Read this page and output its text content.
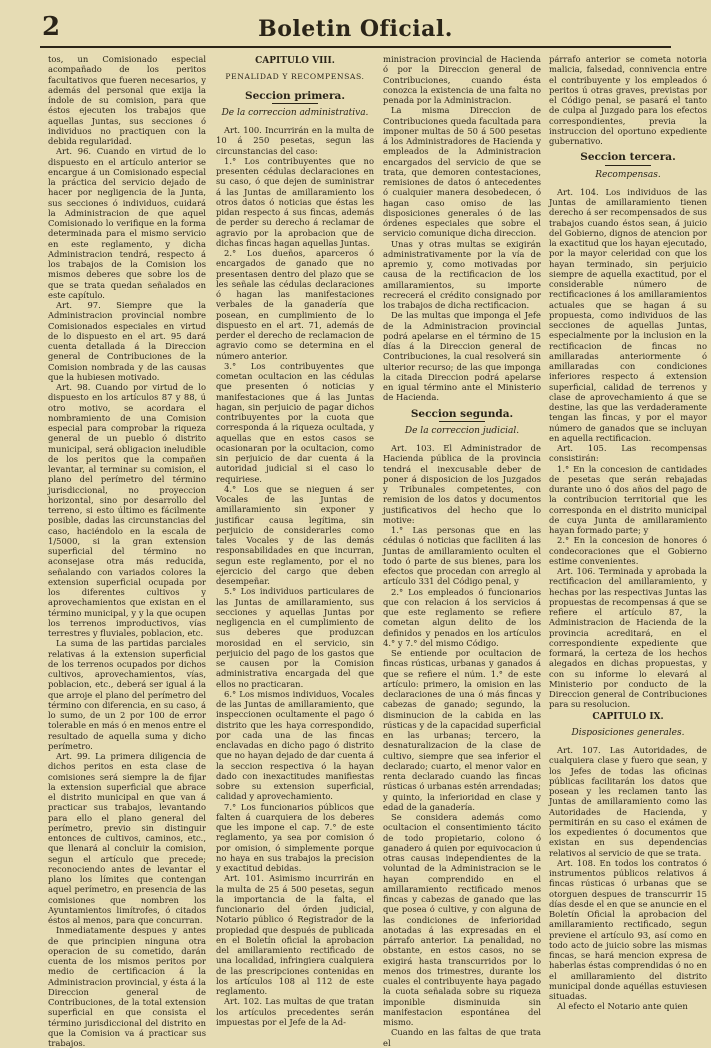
2	Boletin Oficial.

tos, un Comisionado especial acompañado de los peritos facultativos que fueren necesarios, y además del personal que exija la índole de su comision, para que éstos ejecuten los trabajos que aquellas Juntas, sus secciones ó individuos no practiquen con la debida regularidad.

Art. 96. Cuando en virtud de lo dispuesto en el artículo anterior se encargue á un Comisionado especial la práctica del servicio dejado de hacer por negligencia de la Junta, sus secciones ó individuos, cuidará la Administracion de que aquel Comisionado lo verifique en la forma determinada para el mismo servicio en este reglamento, y dicha Administracion tendrá, respecto á los trabajos de la Comision los mismos deberes que sobre los de que se trata quedan señalados en este capítulo.

Art. 97. Siempre que la Administracion provincial nombre Comisionados especiales en virtud de lo dispuesto en el art. 95 dará cuenta detallada á la Direccion general de Contribuciones de la Comision nombrada y de las causas que la hubiesen motivado.

Art. 98. Cuando por virtud de lo dispuesto en los artículos 87 y 88, ú otro motivo, se acordara el nombramiento de una Comision especial para comprobar la riqueza general de un pueblo ó distrito municipal, será obligacion ineludible de los peritos que la compañen levantar, al terminar su comision, el plano del perímetro del término jurisdiccional, no proyeccion horizontal, sino por desarrollo del terreno, si esto último es fácilmente posible, dadas las circunstancias del caso, haciéndolo en la escala de 1/5000, si la gran extension superficial del término no aconsejase otra más reducida, señalando con variados colores la extension superficial ocupada por los diferentes cultivos y aprovechamientos que existan en el término municipal, y y la que ocupen los terrenos improductivos, vías terrestres y fluviales, poblacion, etc.

La suma de las partidas parciales relativas á la extension superficial de los terrenos ocupados por dichos cultivos, aprovechamientos, vías, poblacion, etc., deberá ser igual á la que arroje el plano del perímetro del término con diferencia, en su caso, á lo sumo, de un 2 por 100 de error tolerable en más ó en menos entre el resultado de aquella suma y dicho perímetro.

Art. 99. La primera diligencia de dichos peritos en esta clase de comisiones será siempre la de fijar la extension superficial que abrace el distrito municipal en que van á practicar sus trabajos, levantando para ello el plano general del perímetro, previo sin distinguir entonces de cultivos, caminos, etc., que llenará al concluir la comision, segun el artículo que precede; reconociendo antes de levantar el plano los límites que contengan aquel perímetro, en presencia de las comisiones que nombren los Ayuntamientos limítrofes, ó citados éstos al menos, para que concurran.

Inmediatamente despues y antes de que principien ninguna otra operacion de su cometido, darán cuenta de los mismos peritos por medio de certificacion á la Administracion provincial, y ésta á la Direccion general de Contribuciones, de la total extension superficial en que consista el término jurisdiccional del distrito en que la Comision va á practicar sus trabajos.

CAPITULO VIII.
PENALIDAD Y RECOMPENSAS.
Seccion primera.
De la correccion administrativa.

Art. 100. Incurrirán en la multa de 10 á 250 pesetas, segun las circunstancias del caso:

1.° Los contribuyentes que no presenten cédulas declaraciones en su caso, ó que dejen de suministrar á las Juntas de amillaramiento los otros datos ó noticias que éstas les pidan respecto á sus fincas, además de perder su derecho á reclamar de agravio por la aprobacion que de dichas fincas hagan aquellas Juntas.

2.° Los dueños, aparceros ó encargados de ganado que no presentasen dentro del plazo que se les señale las cédulas declaraciones ó hagan las manifestaciones verbales de la ganadería que posean, en cumplimiento de lo dispuesto en el art. 71, además de perder el derecho de reclamacion de agravio como se determina en el número anterior.

3.° Los contribuyentes que cometan ocultacion en las cédulas que presenten ó noticias y manifestaciones que á las Juntas hagan, sin perjuicio de pagar dichos contribuyentes por la cuota que corresponda á la riqueza ocultada, y aquellas que en estos casos se ocasionaran por la ocultacion, como sin perjuicio de dar cuenta á la autoridad judicial si el caso lo requiriese.

4.° Los que se nieguen á ser Vocales de las Juntas de amillaramiento sin exponer y justificar causa legítima, sin perjuicio de considerarles como tales Vocales y de las demás responsabilidades en que incurran, segun este reglamento, por el no ejercicio del cargo que deben desempeñar.

5.° Los individuos particulares de las Juntas de amillaramiento, sus secciones y aquellas Juntas por negligencia en el cumplimiento de sus deberes que produzcan morosidad en el servicio, sin perjuicio del pago de los gastos que se causen por la Comision administrativa encargada del que ellos no practicaran.

6.° Los mismos individuos, Vocales de las Juntas de amillaramiento, que inspeccionen ocultamente el pago ó distrito que les haya correspondido, por cada una de las fincas enclavadas en dicho pago ó distrito que no hayan dejado de dar cuenta á la seccion respectiva ó la hayan dado con inexactitudes manifiestas sobre su extension superficial, calidad y aprovechamiento.

7.° Los funcionarios públicos que falten á cuarquiera de los deberes que les impone el cap. 7.° de este reglamento, ya sea por comision ó por omision, ó simplemente porque no haya en sus trabajos la precision y exactitud debidas.

Art. 101. Asimismo incurrirán en la multa de 25 á 500 pesetas, segun la importancia de la falta, el funcionario del órden judicial, Notario público ó Registrador de la propiedad que después de publicada en el Boletín oficial la aprobacion del amillaramiento rectificado de una localidad, infringiera cualquiera de las prescripciones contenidas en los artículos 108 al 112 de este reglamento.

Art. 102. Las multas de que tratan los artículos precedentes serán impuestas por el Jefe de la Ad-

ministracion provincial de Hacienda ó por la Direccion general de Contribuciones, cuando ésta conozca la existencia de una falta no penada por la Administracion.

La misma Direccion de Contribuciones queda facultada para imponer multas de 50 á 500 pesetas á los Administradores de Hacienda y empleados de la Administracion encargados del servicio de que se trata, que demoren contestaciones, remisiones de datos ó antecedentes ó cualquier manera desobedecen, ó hagan caso omiso de las disposiciones generales ó de las órdenes especiales que sobre el servicio comunique dicha direccion.

Unas y otras multas se exigirán administrativamente por la vía de apremio y, como motivadas por causa de la rectificacion de los amillaramientos, su importe recrecerá el crédito consignado por los trabajos de dicha rectificacion.

De las multas que imponga el Jefe de la Administracion provincial podrá apelarse en el término de 15 días á la Direccion general de Contribuciones, la cual resolverá sin ulterior recurso; de las que imponga la citada Direccion podrá apelarse en igual término ante el Ministerio de Hacienda.

Seccion segunda.
De la correccion judicial.

Art. 103. El Administrador de Hacienda pública de la provincia tendrá el inexcusable deber de poner á disposicion de los Juzgados y Tribunales competentes, con remision de los datos y documentos justificativos del hecho que lo motive:

1.° Las personas que en las cédulas ó noticias que faciliten á las Juntas de amillaramiento oculten el todo ó parte de sus bienes, para los efectos que procedan con arreglo al artículo 331 del Código penal, y

2.° Los empleados ó funcionarios que con relacion á los servicios á que este reglamento se refiere cometan algun delito de los definidos y penados en los artículos 4.° y 7.° del mismo Código.

Se entiende por ocultacion de fincas rústicas, urbanas y ganados á que se refiere el núm. 1.° de este artículo: primero, la omision en las declaraciones de una ó más fincas y cabezas de ganado; segundo, la disminucion de la cabida en las rústicas y de la capacidad superficial en las urbanas; tercero, la desnaturalizacion de la clase de cultivo, siempre que sea inferior el declarado; cuarto, el menor valor en renta declarado cuando las fincas rústicas ó urbanas estén arrendadas; y quinto, la inferioridad en clase y edad de la ganadería.

Se considera además como ocultacion el consentimiento tácito de todo propietario, colono ó ganadero á quien por equivocacion ú otras causas independientes de la voluntad de la Administracion se le hayan comprendido en el amillaramiento rectificado menos fincas y cabezas de ganado que las que posea ó cultive, y con alguna de las condiciones de inferioridad anotadas á las expresadas en el párrafo anterior. La penalidad, no obstante, en estos casos, no se exigirá hasta transcurridos por lo menos dos trimestres, durante los cuales el contribuyente haya pagado la cuota señalada sobre su riqueza imponible disminuida sin manifestacion espontánea del mismo.

Cuando en las faltas de que trata el

párrafo anterior se cometa notoria malicia, falsedad, connivencia entre el contribuyente y los empleados ó peritos ú otras graves, previstas por el Código penal, se pasará el tanto de culpa al Juzgado para los efectos correspondientes, previa la instruccion del oportuno expediente gubernativo.

Seccion tercera.
Recompensas.

Art. 104. Los individuos de las Juntas de amillaramiento tienen derecho á ser recompensados de sus trabajos cuando éstos sean, á juicio del Gobierno, dignos de atencion por la exactitud que los hayan ejecutado, por la mayor celeridad con que los hayan terminado, sin perjuicio siempre de aquella exactitud, por el considerable número de rectificaciones á los amillaramientos actuales que se hagan á su propuesta, como individuos de las secciones de aquellas Juntas, especialmente por la inclusion en la rectificacion de fincas no amillaradas anteriormente ó amillaradas con condiciones inferiores respecto á extension superficial, calidad de terrenos y clase de aprovechamiento á que se destine, las que las verdaderamente tengan las fincas, y por el mayor número de ganados que se incluyan en aquella rectificacion.

Art. 105. Las recompensas consistirán:

1.° En la concesion de cantidades de pesetas que serán rebajadas durante uno ó dos años del pago de la contribucion territorial que les corresponda en el distrito municipal de cuya Junta de amillaramiento hayan formado parte; y

2.° En la concesion de honores ó condecoraciones que el Gobierno estime convenientes.

Art. 106. Terminada y aprobada la rectificacion del amillaramiento, y hechas por las respectivas Juntas las propuestas de recompensas á que se refiere el artículo 87, la Administracion de Hacienda de la provincia acreditará, en el correspondiente expediente que formará, la certeza de los hechos alegados en dichas propuestas, y con su informe lo elevará al Ministerio por conducto de la Direccion general de Contribuciones para su resolucion.

CAPITULO IX.
Disposiciones generales.

Art. 107. Las Autoridades, de cualquiera clase y fuero que sean, y los Jefes de todas las oficinas públicas facilitarán los datos que posean y les reclamen tanto las Juntas de amillaramiento como las Autoridades de Hacienda, y permitirán en su caso el exámen de los expedientes ó documentos que existan en sus dependencias relativos al servicio de que se trata.

Art. 108. En todos los contratos ó instrumentos públicos relativos á fincas rústicas ó urbanas que se otorguen despues de transcurrir 15 días desde el en que se anuncie en el Boletín Oficial la aprobacion del amillaramiento rectificado, segun previene el artículo 93, así como en todo acto de juicio sobre las mismas fincas, se hará mencion expresa de haberlas éstas comprendidas ó no en el amillaramiento del distrito municipal donde aquéllas estuviesen situadas.

Al efecto el Notario ante quien
